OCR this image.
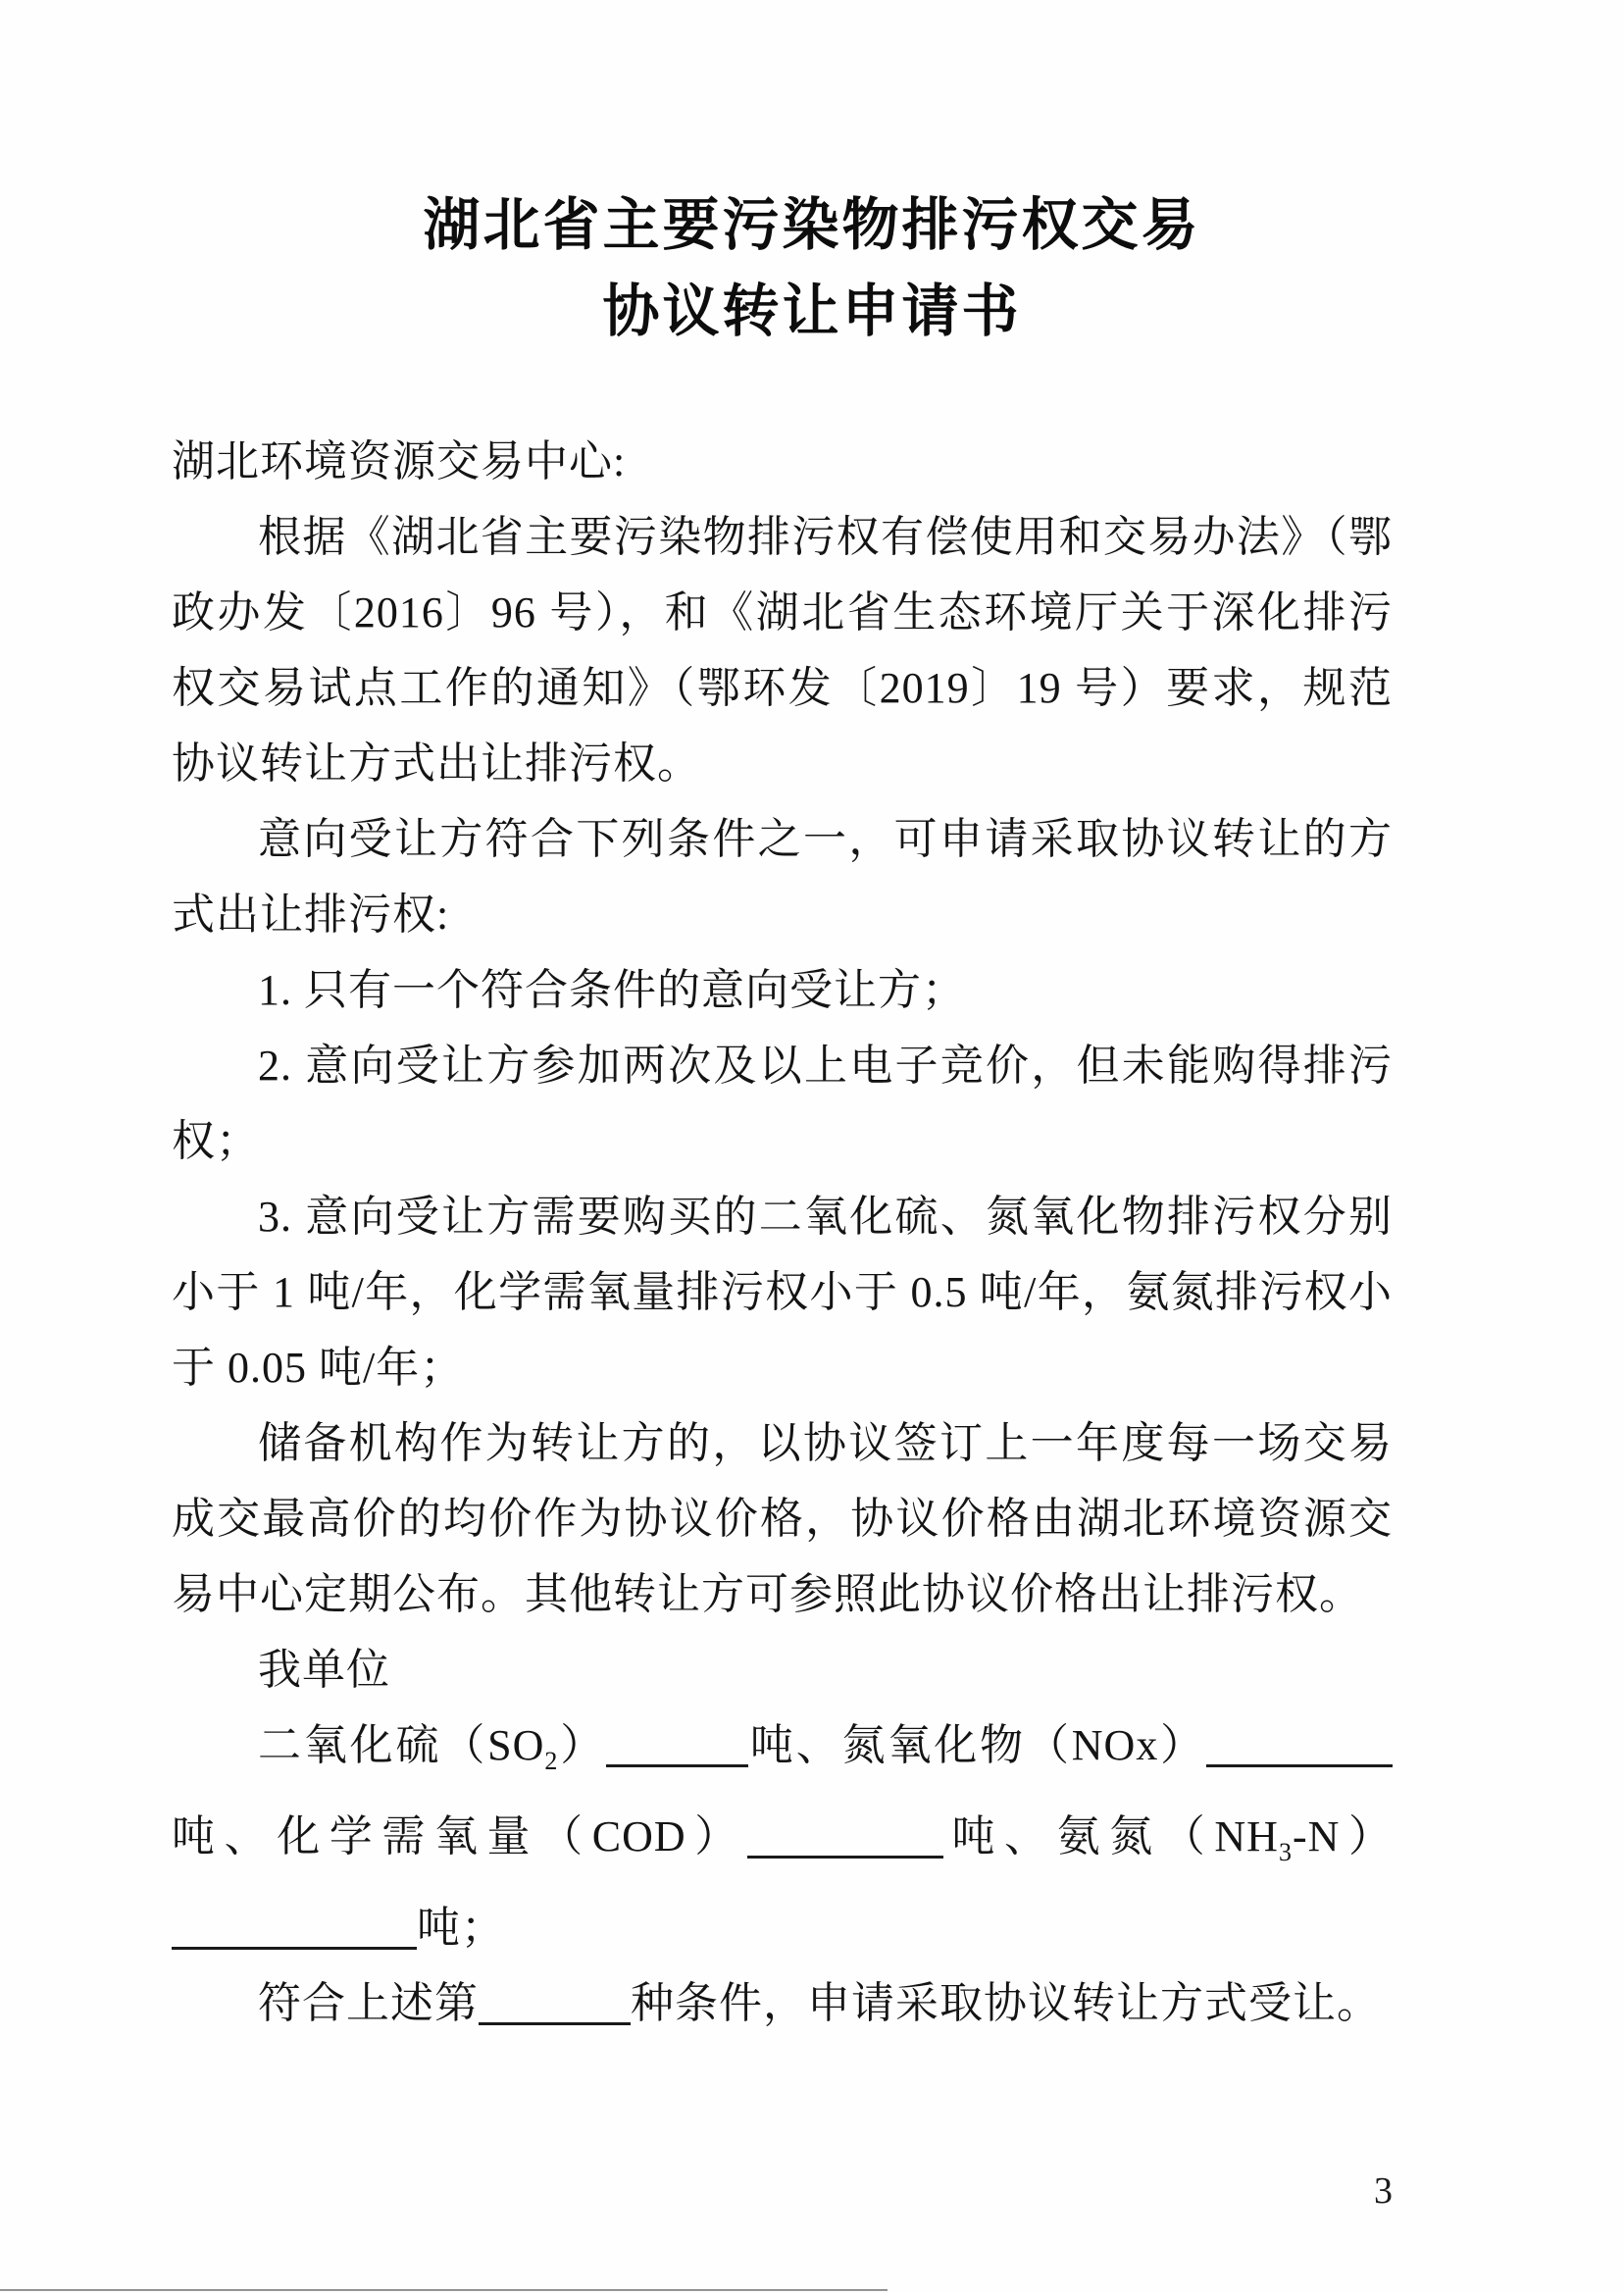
湖北省主要污染物排污权交易
协议转让申请书

湖北环境资源交易中心:

根据《湖北省主要污染物排污权有偿使用和交易办法》（鄂政办发〔2016〕96 号），和《湖北省生态环境厅关于深化排污权交易试点工作的通知》（鄂环发〔2019〕19 号）要求，规范协议转让方式出让排污权。

意向受让方符合下列条件之一，可申请采取协议转让的方式出让排污权:

1. 只有一个符合条件的意向受让方；

2. 意向受让方参加两次及以上电子竞价，但未能购得排污权；

3. 意向受让方需要购买的二氧化硫、氮氧化物排污权分别小于 1 吨/年，化学需氧量排污权小于 0.5 吨/年，氨氮排污权小于 0.05 吨/年；

储备机构作为转让方的，以协议签订上一年度每一场交易成交最高价的均价作为协议价格，协议价格由湖北环境资源交易中心定期公布。其他转让方可参照此协议价格出让排污权。

我单位

二氧化硫$(SO_2)$	吨、氮氧化物（NOx）吨、化学需氧量（COD）	吨、氨氮$(NH_3-N)$吨；

符合上述第	种条件，申请采取协议转让方式受让。

3
